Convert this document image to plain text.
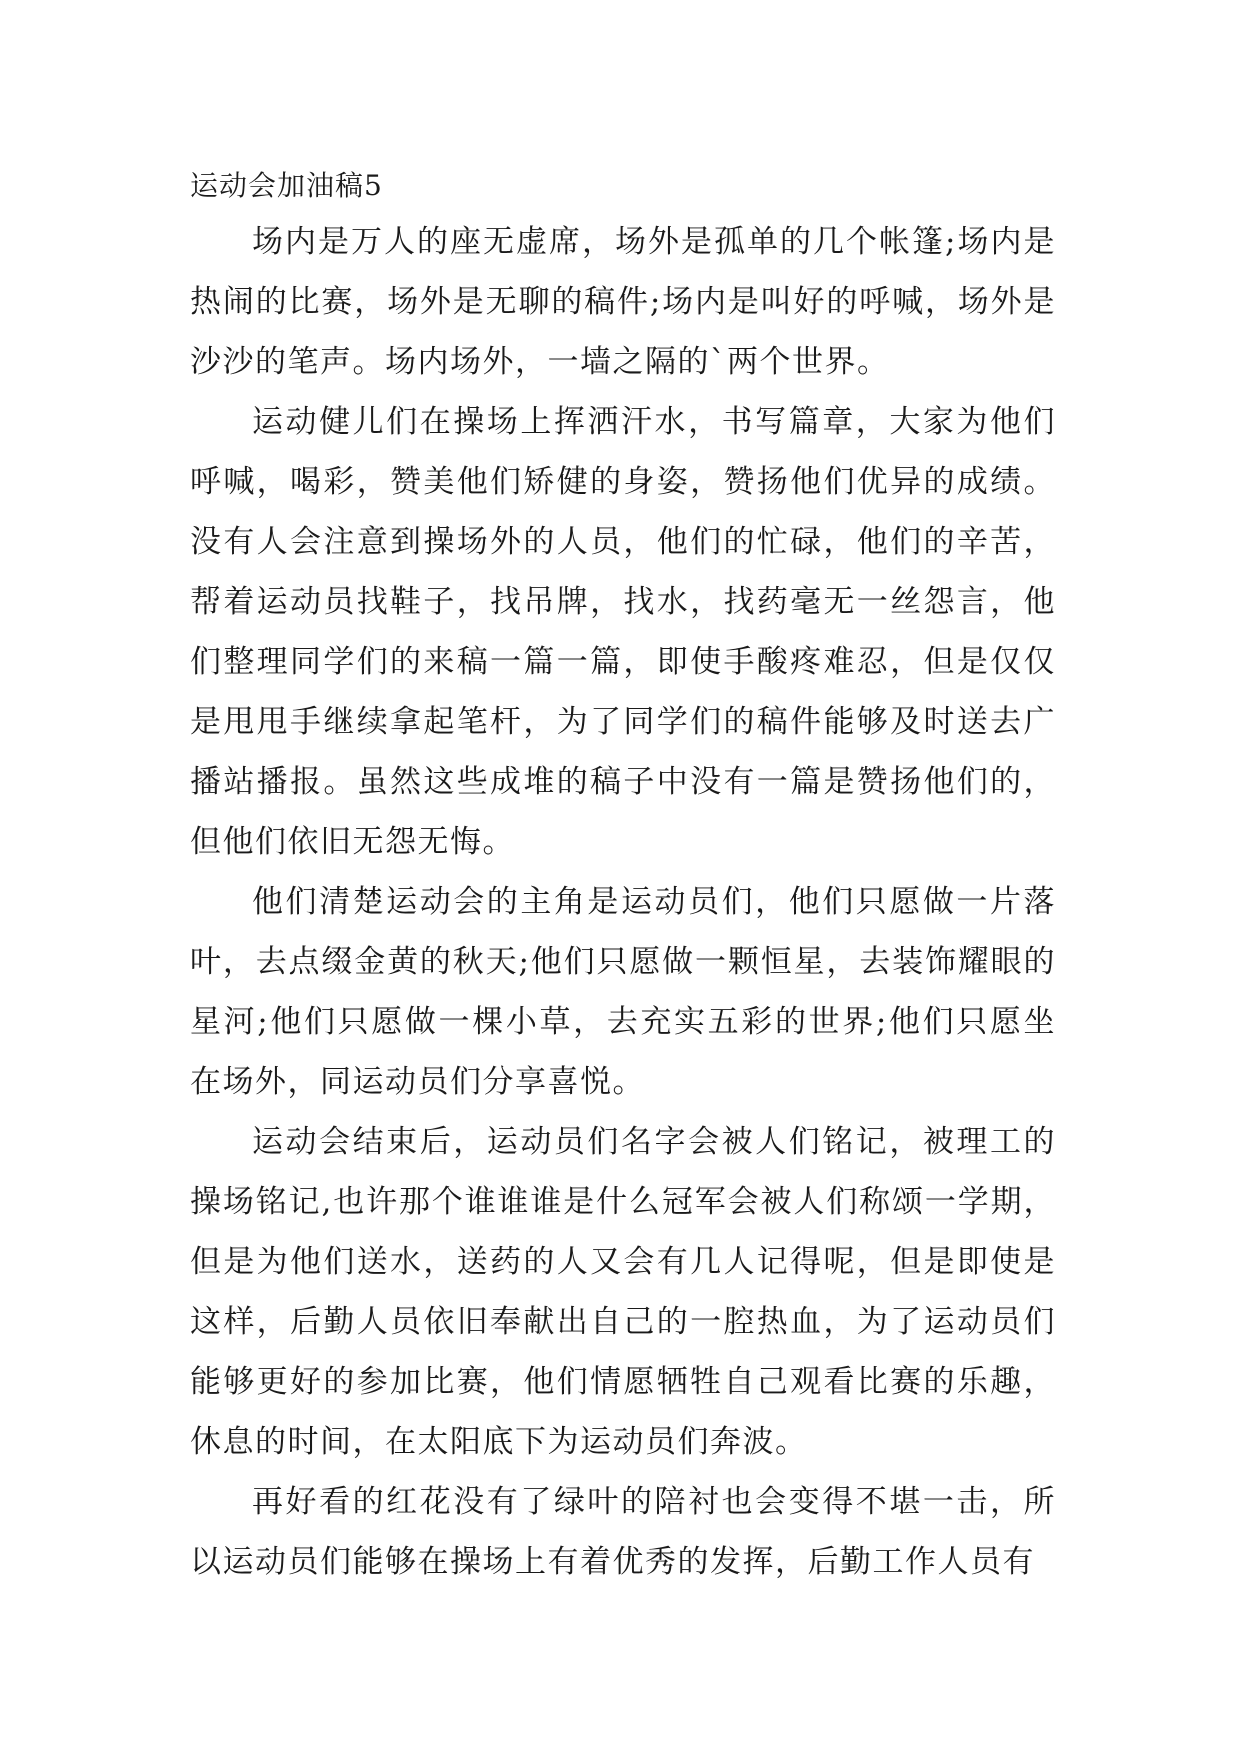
运动会加油稿5

场内是万人的座无虚席，场外是孤单的几个帐篷;场内是热闹的比赛，场外是无聊的稿件;场内是叫好的呼喊，场外是沙沙的笔声。场内场外，一墙之隔的`两个世界。

运动健儿们在操场上挥洒汗水，书写篇章，大家为他们呼喊，喝彩，赞美他们矫健的身姿，赞扬他们优异的成绩。没有人会注意到操场外的人员，他们的忙碌，他们的辛苦，帮着运动员找鞋子，找吊牌，找水，找药毫无一丝怨言，他们整理同学们的来稿一篇一篇，即使手酸疼难忍，但是仅仅是甩甩手继续拿起笔杆，为了同学们的稿件能够及时送去广播站播报。虽然这些成堆的稿子中没有一篇是赞扬他们的，但他们依旧无怨无悔。

他们清楚运动会的主角是运动员们，他们只愿做一片落叶，去点缀金黄的秋天;他们只愿做一颗恒星，去装饰耀眼的星河;他们只愿做一棵小草，去充实五彩的世界;他们只愿坐在场外，同运动员们分享喜悦。

运动会结束后，运动员们名字会被人们铭记，被理工的操场铭记,也许那个谁谁谁是什么冠军会被人们称颂一学期，但是为他们送水，送药的人又会有几人记得呢，但是即使是这样，后勤人员依旧奉献出自己的一腔热血，为了运动员们能够更好的参加比赛，他们情愿牺牲自己观看比赛的乐趣，休息的时间，在太阳底下为运动员们奔波。

再好看的红花没有了绿叶的陪衬也会变得不堪一击，所以运动员们能够在操场上有着优秀的发挥，后勤工作人员有
